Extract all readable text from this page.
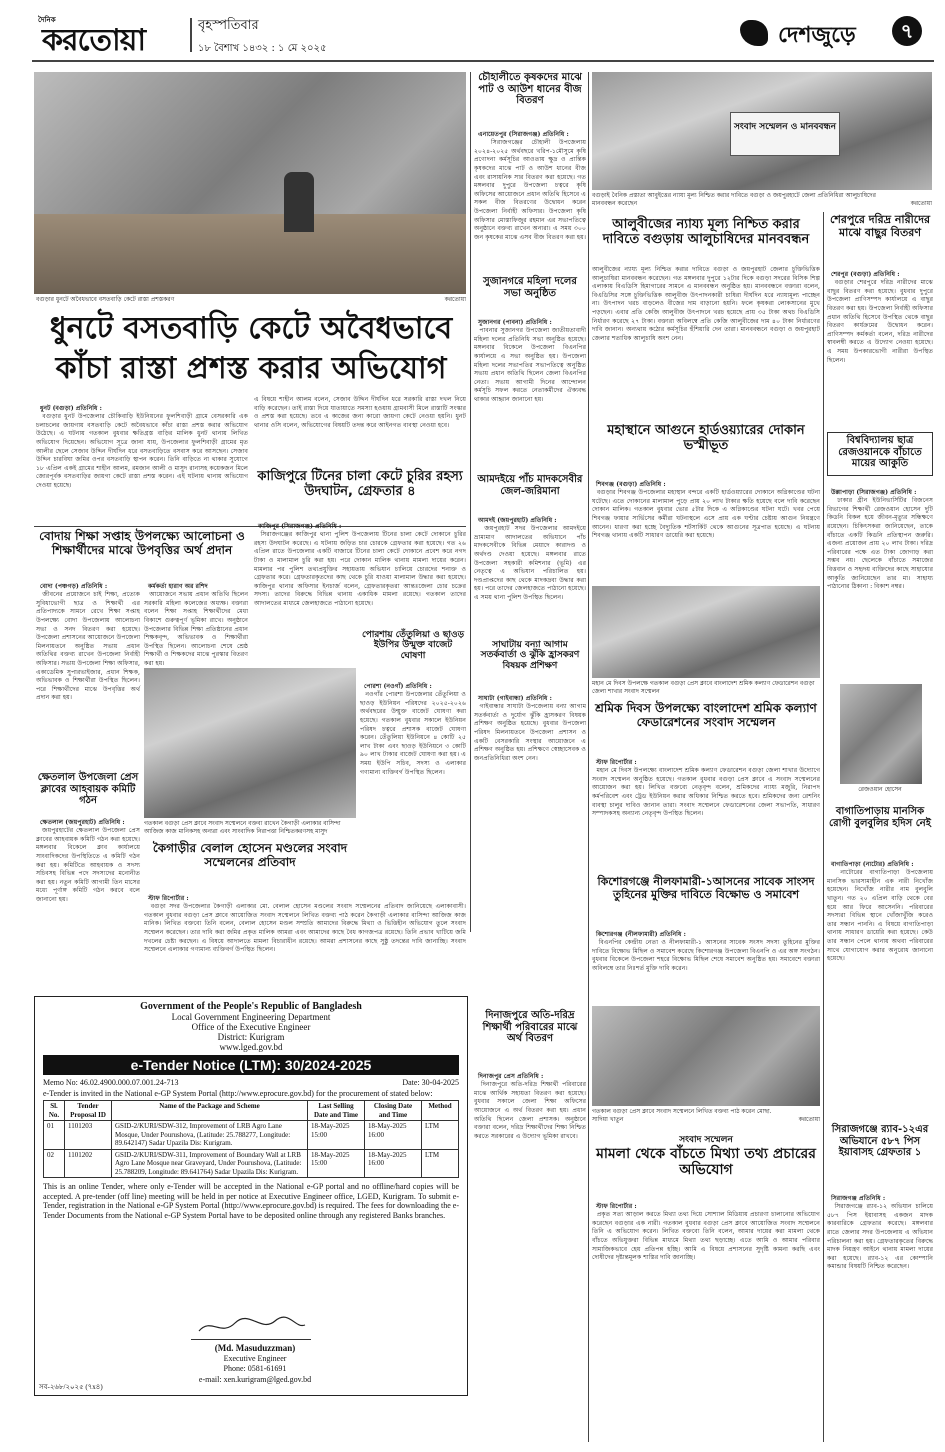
দৈনিক
করতোয়া	বৃহস্পতিবার
১৮ বৈশাখ ১৪৩২ : ১ মে ২০২৫
দেশজুড়ে	৭
বগুড়ার ধুনটে অবৈধভাবে বসতবাড়ি কেটে রাস্তা প্রশস্তকরণ	করতোয়া
ধুনটে বসতবাড়ি কেটে অবৈধভাবে
কাঁচা রাস্তা প্রশস্ত করার অভিযোগ

ধুনট (বগুড়া) প্রতিনিধি :
বগুড়ার ধুনট উপজেলার চৌকিবাড়ি ইউনিয়নের ফুলশিবাড়ী গ্রামে বেসরকারি এক চলাচলের জায়গায় বসতবাড়ি কেটে অবৈধভাবে কাঁচা রাস্তা প্রশস্ত করার অভিযোগ উঠেছে। এ ঘটনায় গতকাল বুধবার ক্ষতিগ্রস্ত বাড়ির মালিক ধুনট থানায় লিখিত অভিযোগ দিয়েছেন। অভিযোগ সূত্রে জানা যায়, উপজেলার ফুলশিবাড়ী গ্রামের মৃত আলীর ছেলে সেজাব উদ্দিন দীর্ঘদিন ধরে বসতবাড়িতে বসবাস করে আসছেন। সেজাব উদ্দিন চারবিঘা জমির ওপর বসতবাড়ি স্থাপন করেন। তিনি বাড়িতে না থাকার সুযোগে ১৮ এপ্রিল একই গ্রামের শাহীন আলম, রমজান আলী ও মাসুদ রানাসহ কয়েকজন মিলে জোরপূর্বক বসতবাড়ির জায়গা কেটে রাস্তা প্রশস্ত করেন। এই ঘটনায় থানায় অভিযোগ দেওয়া হয়েছে।

এ বিষয়ে শাহীন আলম বলেন, সেজাব উদ্দিন দীর্ঘদিন ধরে সরকারি রাস্তা দখল নিয়ে বাড়ি করেছেন। তাই রাস্তা দিয়ে যাতায়াতে সমস্যা হওয়ায় গ্রামবাসী মিলে রাস্তাটি সংস্কার ও প্রশস্ত করা হয়েছে। তবে এ কাজের জন্য কারো জায়গা কেটে নেওয়া হয়নি। ধুনট থানার ওসি বলেন, অভিযোগের বিষয়টি তদন্ত করে আইনগত ব্যবস্থা নেওয়া হবে।
কাজিপুরে টিনের চালা কেটে চুরির রহস্য উদঘাটন, গ্রেফতার ৪

কাজিপুর (সিরাজগঞ্জ) প্রতিনিধি :
সিরাজগঞ্জের কাজিপুর থানা পুলিশ উপজেলায় টিনের চালা কেটে দোকানে চুরির রহস্য উদঘাটন করেছে। এ ঘটনায় জড়িত চার চোরকে গ্রেফতার করা হয়েছে। গত ২৬ এপ্রিল রাতে উপজেলার একটি বাজারে টিনের চালা কেটে দোকানে প্রবেশ করে নগদ টাকা ও মালামাল চুরি করা হয়। পরে দোকান মালিক থানায় মামলা দায়ের করেন। মামলার পর পুলিশ তথ্যপ্রযুক্তির সহায়তায় অভিযান চালিয়ে চোরদের শনাক্ত ও গ্রেফতার করে। গ্রেফতারকৃতদের কাছ থেকে চুরি যাওয়া মালামাল উদ্ধার করা হয়েছে। কাজিপুর থানার অফিসার ইনচার্জ বলেন, গ্রেফতারকৃতরা আন্তঃজেলা চোর চক্রের সদস্য। তাদের বিরুদ্ধে বিভিন্ন থানায় একাধিক মামলা রয়েছে। গতকাল তাদের আদালতের মাধ্যমে জেলহাজতে পাঠানো হয়েছে।

বোদায় শিক্ষা সপ্তাহ উপলক্ষ্যে আলোচনা ও শিক্ষার্থীদের মাঝে উপবৃত্তির অর্থ প্রদান

বোদা (পঞ্চগড়) প্রতিনিধি :
জীবনের প্রয়োজনে চাই শিক্ষা, প্রত্যেক সুবিধাভোগী ছাত্র ও শিক্ষার্থী এর প্রতিপাদ্যকে সামনে রেখে শিক্ষা সপ্তাহ উপলক্ষ্যে বোদা উপজেলায় আলোচনা সভা ও সনদ বিতরণ করা হয়েছে। উপজেলা প্রশাসনের আয়োজনে উপজেলা মিলনায়তনে অনুষ্ঠিত সভায় প্রধান অতিথির বক্তব্য রাখেন উপজেলা নির্বাহী অফিসার। সভায় উপজেলা শিক্ষা অফিসার, একাডেমিক সুপারভাইজার, প্রধান শিক্ষক, অভিভাবক ও শিক্ষার্থীরা উপস্থিত ছিলেন। পরে শিক্ষার্থীদের মাঝে উপবৃত্তির অর্থ প্রদান করা হয়।

কর্মকর্তা হারাণ অর রশিদ
আয়োজনে সভায় প্রধান অতিথি ছিলেন সরকারি মহিলা কলেজের অধ্যক্ষ। বক্তারা বলেন শিক্ষা সপ্তাহ শিক্ষার্থীদের মেধা বিকাশে গুরুত্বপূর্ণ ভূমিকা রাখে। অনুষ্ঠানে উপজেলার বিভিন্ন শিক্ষা প্রতিষ্ঠানের প্রধান শিক্ষকবৃন্দ, অভিভাবক ও শিক্ষার্থীরা উপস্থিত ছিলেন। আলোচনা শেষে শ্রেষ্ঠ শিক্ষার্থী ও শিক্ষকদের মাঝে পুরস্কার বিতরণ করা হয়।

গতকাল বগুড়া প্রেস ক্লাবে সংবাদ সম্মেলনে বক্তব্য রাখেন কৈগাড়ী এলাকার বাসিন্দা আজিজ কাজ মানিকসহ অন্যরা এবং সাংবাদিক নিরাপত্তা নিশ্চিতকরণসহ মাসুদ
ক্ষেতলাল উপজেলা প্রেস ক্লাবের আহবায়ক কমিটি গঠন

ক্ষেতলাল (জয়পুরহাট) প্রতিনিধি :
জয়পুরহাটের ক্ষেতলাল উপজেলা প্রেস ক্লাবের আহবায়ক কমিটি গঠন করা হয়েছে। মঙ্গলবার বিকেলে ক্লাব কার্যালয়ে সাংবাদিকদের উপস্থিতিতে এ কমিটি গঠন করা হয়। কমিটিতে আহবায়ক ও সদস্য সচিবসহ বিভিন্ন পদে সদস্যদের মনোনীত করা হয়। নতুন কমিটি আগামী তিন মাসের মধ্যে পূর্ণাঙ্গ কমিটি গঠন করবে বলে জানানো হয়।

কৈগাড়ীর বেলাল হোসেন মণ্ডলের সংবাদ সম্মেলনের প্রতিবাদ

স্টাফ রিপোর্টার :
বগুড়া সদর উপজেলার কৈগাড়ী এলাকার মো. বেলাল হোসেন মণ্ডলের সংবাদ সম্মেলনের প্রতিবাদ জানিয়েছে এলাকাবাসী। গতকাল বুধবার বগুড়া প্রেস ক্লাবে আয়োজিত সংবাদ সম্মেলনে লিখিত বক্তব্য পাঠ করেন কৈগাড়ী এলাকার বাসিন্দা আজিজ কাজ মানিক। লিখিত বক্তব্যে তিনি বলেন, বেলাল হোসেন মণ্ডল সম্প্রতি আমাদের বিরুদ্ধে মিথ্যা ও ভিত্তিহীন অভিযোগ তুলে সংবাদ সম্মেলন করেছেন। তার দাবি করা জমির প্রকৃত মালিক আমরা এবং আমাদের কাছে বৈধ কাগজপত্র রয়েছে। তিনি প্রভাব খাটিয়ে জমি দখলের চেষ্টা করছেন। এ বিষয়ে আদালতে মামলা বিচারাধীন রয়েছে। আমরা প্রশাসনের কাছে সুষ্ঠু তদন্তের দাবি জানাচ্ছি। সংবাদ সম্মেলনে এলাকার গণ্যমান্য ব্যক্তিবর্গ উপস্থিত ছিলেন।

চৌহালীতে কৃষকদের মাঝে পাট ও আউশ ধানের বীজ বিতরণ

এনায়েতপুর (সিরাজগঞ্জ) প্রতিনিধি :
সিরাজগঞ্জের চৌহালী উপজেলায় ২০২৪-২০২৫ অর্থবছরে খরিপ-১মৌসুমে কৃষি প্রণোদনা কর্মসূচির আওতায় ক্ষুদ্র ও প্রান্তিক কৃষকদের মাঝে পাট ও আউশ ধানের বীজ এবং রাসায়নিক সার বিতরণ করা হয়েছে। গত মঙ্গলবার দুপুরে উপজেলা চত্বরে কৃষি অফিসের আয়োজনে প্রধান অতিথি হিসেবে এ সকল বীজ বিতরণের উদ্বোধন করেন উপজেলা নির্বাহী অফিসার। উপজেলা কৃষি অফিসার মোস্তাফিজুর রহমান এর সভাপতিত্বে অনুষ্ঠানে বক্তব্য রাখেন অন্যরা। এ সময় ৩০০ জন কৃষকের মাঝে এসব বীজ বিতরণ করা হয়।

সুজানগরে মহিলা দলের সভা অনুষ্ঠিত

সুজানগর (পাবনা) প্রতিনিধি :
পাবনার সুজানগর উপজেলা জাতীয়তাবাদী মহিলা দলের প্রতিনিধি সভা অনুষ্ঠিত হয়েছে। মঙ্গলবার বিকেলে উপজেলা বিএনপির কার্যালয়ে এ সভা অনুষ্ঠিত হয়। উপজেলা মহিলা দলের সভাপতির সভাপতিত্বে অনুষ্ঠিত সভায় প্রধান অতিথি ছিলেন জেলা বিএনপির নেতা। সভায় আগামী দিনের আন্দোলন কর্মসূচি সফল করতে নেতাকর্মীদের ঐক্যবদ্ধ থাকার আহ্বান জানানো হয়।

আমদইয়ে পাঁচ মাদকসেবীর জেল-জরিমানা

আমদই (জয়পুরহাট) প্রতিনিধি :
জয়পুরহাট সদর উপজেলার আমদইয়ে ভ্রাম্যমাণ আদালতের অভিযানে পাঁচ মাদকসেবীকে বিভিন্ন মেয়াদে কারাদণ্ড ও অর্থদণ্ড দেওয়া হয়েছে। মঙ্গলবার রাতে উপজেলা সহকারী কমিশনার (ভূমি) এর নেতৃত্বে এ অভিযান পরিচালিত হয়। দণ্ডপ্রাপ্তদের কাছ থেকে মাদকদ্রব্য উদ্ধার করা হয়। পরে তাদের জেলহাজতে পাঠানো হয়েছে। এ সময় থানা পুলিশ উপস্থিত ছিলেন।

পোরশায় তেঁতুলিয়া ও ছাওড় ইউপির উন্মুক্ত বাজেট ঘোষণা

পোরশা (নওগাঁ) প্রতিনিধি :
নওগাঁর পোরশা উপজেলার তেঁতুলিয়া ও ছাওড় ইউনিয়ন পরিষদের ২০২৫-২০২৬ অর্থবছরের উন্মুক্ত বাজেট ঘোষণা করা হয়েছে। গতকাল বুধবার সকালে ইউনিয়ন পরিষদ চত্বরে প্রশাসক বাজেট ঘোষণা করেন। তেঁতুলিয়া ইউনিয়নে ৪ কোটি ২৫ লাখ টাকা এবং ছাওড় ইউনিয়নে ৩ কোটি ৯০ লাখ টাকার বাজেট ঘোষণা করা হয়। এ সময় ইউপি সচিব, সদস্য ও এলাকার গণ্যমান্য ব্যক্তিবর্গ উপস্থিত ছিলেন।

সাঘাটায় বন্যা আগাম সতর্কবার্তা ও ঝুঁকি হ্রাসকরণ বিষয়ক প্রশিক্ষণ

সাঘাটা (গাইবান্ধা) প্রতিনিধি :
গাইবান্ধার সাঘাটা উপজেলায় বন্যা আগাম সতর্কবার্তা ও দুর্যোগ ঝুঁকি হ্রাসকরণ বিষয়ক প্রশিক্ষণ অনুষ্ঠিত হয়েছে। বুধবার উপজেলা পরিষদ মিলনায়তনে উপজেলা প্রশাসন ও একটি বেসরকারি সংস্থার আয়োজনে এ প্রশিক্ষণ অনুষ্ঠিত হয়। প্রশিক্ষণে স্বেচ্ছাসেবক ও জনপ্রতিনিধিরা অংশ নেন।

দিনাজপুরে অতি-দরিদ্র শিক্ষার্থী পরিবারের মাঝে অর্থ বিতরণ

দিনাজপুর প্রেস প্রতিনিধি :
দিনাজপুরে অতি-দরিদ্র শিক্ষার্থী পরিবারের মাঝে আর্থিক সহায়তা বিতরণ করা হয়েছে। বুধবার সকালে জেলা শিক্ষা অফিসের আয়োজনে এ অর্থ বিতরণ করা হয়। প্রধান অতিথি ছিলেন জেলা প্রশাসক। অনুষ্ঠানে বক্তারা বলেন, দরিদ্র শিক্ষার্থীদের শিক্ষা নিশ্চিত করতে সরকারের এ উদ্যোগ ভূমিকা রাখবে।

Government of the People's Republic of Bangladesh
Local Government Engineering Department
Office of the Executive Engineer
District: Kurigram
www.lged.gov.bd
e-Tender Notice (LTM): 30/2024-2025
Memo No: 46.02.4900.000.07.001.24-713	Date: 30-04-2025
e-Tender is invited in the National e-GP System Portal (http://www.eprocure.gov.bd) for the procurement of stated below:
Sl. No.	Tender Proposal ID	Name of the Package and Scheme	Last Selling Date and Time	Closing Date and Time	Method
01	1101203	GSID-2/KURI/SDW-312, Improvement of LRB Agro Lane Mosque, Under Pourushova, (Latitude: 25.788277, Longitude: 89.642147) Sadar Upazila Dis: Kurigram.	18-May-2025 15:00	18-May-2025 16:00	LTM
02	1101202	GSID-2/KURI/SDW-311, Improvement of Boundary Wall at LRB Agro Lane Mosque near Graveyard, Under Pourushova, (Latitude: 25.788209, Longitude: 89.641764) Sadar Upazila Dis: Kurigram.	18-May-2025 15:00	18-May-2025 16:00	LTM
This is an online Tender, where only e-Tender will be accepted in the National e-GP portal and no offline/hard copies will be accepted. A pre-tender (off line) meeting will be held in per notice at Executive Engineer office, LGED, Kurigram. To submit e-Tender, registration in the National e-GP System Portal (http://www.eprocure.gov.bd) is required. The fees for downloading the e-Tender Documents from the National e-GP System Portal have to be deposited online through any registered Banks branches.
(Md. Masuduzzman)
Executive Engineer
Phone: 0581-61691
e-mail: xen.kurigram@lged.gov.bd
সব-২৬৮/২০২৫ (৭x৪)
সংবাদ সম্মেলন ও মানববন্ধন
বগুড়াই বৈনিক প্রস্তাতা আবুইত্তের ন্যায্য মূল্য নিশ্চিত করার দাবিতে বগুড়া ও জয়পুরহাটে জেলা প্রতিনিধিরা আলুচাষিদের মানববন্ধন করেছেন	করতোয়া
আলুবীজের ন্যায্য মূল্য নিশ্চিত করার দাবিতে বগুড়ায় আলুচাষিদের মানববন্ধন
আলুবীজের ন্যায্য মূল্য নিশ্চিত করার দাবিতে বগুড়া ও জয়পুরহাট জেলার চুক্তিভিত্তিক আলুচাষিরা মানববন্ধন করেছেন। গত মঙ্গলবার দুপুরে ১২টার দিকে বগুড়া সদরের বিসিক শিল্প এলাকায় বিএডিসি হিমাগারের সামনে এ মানববন্ধন অনুষ্ঠিত হয়। মানববন্ধনে বক্তারা বলেন, বিএডিসির সঙ্গে চুক্তিভিত্তিক আলুবীজ উৎপাদনকারী চাষিরা দীর্ঘদিন ধরে ন্যায্যমূল্য পাচ্ছেন না। উৎপাদন খরচ বাড়লেও বীজের দাম বাড়ানো হয়নি। ফলে কৃষকরা লোকসানের মুখে পড়ছেন। এবার প্রতি কেজি আলুবীজ উৎপাদনে খরচ হয়েছে প্রায় ৩৫ টাকা অথচ বিএডিসি নির্ধারণ করেছে ২৭ টাকা। বক্তারা অবিলম্বে প্রতি কেজি আলুবীজের দাম ৪০ টাকা নির্ধারণের দাবি জানান। অন্যথায় কঠোর কর্মসূচির হুঁশিয়ারি দেন তারা। মানববন্ধনে বগুড়া ও জয়পুরহাট জেলার শতাধিক আলুচাষি অংশ নেন।
শেরপুরে দরিদ্র নারীদের মাঝে বাছুর বিতরণ

শেরপুর (বগুড়া) প্রতিনিধি :
বগুড়ার শেরপুরে দরিদ্র নারীদের মাঝে বাছুর বিতরণ করা হয়েছে। বুধবার দুপুরে উপজেলা প্রাণিসম্পদ কার্যালয়ে এ বাছুর বিতরণ করা হয়। উপজেলা নির্বাহী অফিসার প্রধান অতিথি হিসেবে উপস্থিত থেকে বাছুর বিতরণ কার্যক্রমের উদ্বোধন করেন। প্রাণিসম্পদ কর্মকর্তা বলেন, দরিদ্র নারীদের স্বাবলম্বী করতে এ উদ্যোগ নেওয়া হয়েছে। এ সময় উপকারভোগী নারীরা উপস্থিত ছিলেন।

বিশ্ববিদ্যালয় ছাত্র রেজওয়ানকে বাঁচাতে মায়ের আকুতি

উল্লাপাড়া (সিরাজগঞ্জ) প্রতিনিধি :
ঢাকার গ্রীন ইউনিভার্সিটির বিজনেস বিভাগের শিক্ষার্থী রেজওয়ান হোসেন দুটি কিডনি বিকল হয়ে জীবন-মৃত্যুর সন্ধিক্ষণে রয়েছেন। চিকিৎসকরা জানিয়েছেন, তাকে বাঁচাতে একটি কিডনি প্রতিস্থাপন জরুরি। এজন্য প্রয়োজন প্রায় ২০ লাখ টাকা। দরিদ্র পরিবারের পক্ষে এত টাকা জোগাড় করা সম্ভব নয়। ছেলেকে বাঁচাতে সমাজের বিত্তবান ও সহৃদয় ব্যক্তিদের কাছে সাহায্যের আকুতি জানিয়েছেন তার মা। সাহায্য পাঠানোর ঠিকানা : বিকাশ নম্বর।

রেজওয়ান হোসেন
বাগাতিপাড়ায় মানসিক রোগী বুলবুলির হদিস নেই

বাগাতিপাড়া (নাটোর) প্রতিনিধি :
নাটোরের বাগাতিপাড়া উপজেলায় মানসিক ভারসাম্যহীন এক নারী নিখোঁজ হয়েছেন। নিখোঁজ নারীর নাম বুলবুলি খাতুন। গত ২০ এপ্রিল বাড়ি থেকে বের হয়ে আর ফিরে আসেননি। পরিবারের সদস্যরা বিভিন্ন স্থানে খোঁজাখুঁজি করেও তার সন্ধান পাননি। এ বিষয়ে বাগাতিপাড়া থানায় সাধারণ ডায়েরি করা হয়েছে। কেউ তার সন্ধান পেলে থানায় অথবা পরিবারের সাথে যোগাযোগ করার অনুরোধ জানানো হয়েছে।

সিরাজগঞ্জে র‍্যাব-১২এর অভিযানে ৫৮৭ পিস ইয়াবাসহ গ্রেফতার ১

সিরাজগঞ্জ প্রতিনিধি :
সিরাজগঞ্জে র‍্যাব-১২ অভিযান চালিয়ে ৫৮৭ পিস ইয়াবাসহ একজন মাদক কারবারিকে গ্রেফতার করেছে। মঙ্গলবার রাতে জেলার সদর উপজেলায় এ অভিযান পরিচালনা করা হয়। গ্রেফতারকৃতের বিরুদ্ধে মাদক নিয়ন্ত্রণ আইনে থানায় মামলা দায়ের করা হয়েছে। র‍্যাব-১২ এর কোম্পানি কমান্ডার বিষয়টি নিশ্চিত করেছেন।

মহাস্থানে আগুনে হার্ডওয়্যারের দোকান ভস্মীভূত

শিবগঞ্জ (বগুড়া) প্রতিনিধি :
বগুড়ার শিবগঞ্জ উপজেলার মহাস্থান বন্দরে একটি হার্ডওয়্যারের দোকানে অগ্নিকাণ্ডের ঘটনা ঘটেছে। এতে দোকানের মালামাল পুড়ে প্রায় ২০ লাখ টাকার ক্ষতি হয়েছে বলে দাবি করেছেন দোকান মালিক। গতকাল বুধবার ভোর ৫টার দিকে এ অগ্নিকাণ্ডের ঘটনা ঘটে। খবর পেয়ে শিবগঞ্জ ফায়ার সার্ভিসের কর্মীরা ঘটনাস্থলে এসে প্রায় এক ঘণ্টার চেষ্টায় আগুন নিয়ন্ত্রণে আনেন। ধারণা করা হচ্ছে বৈদ্যুতিক শর্টসার্কিট থেকে আগুনের সূত্রপাত হয়েছে। এ ঘটনায় শিবগঞ্জ থানায় একটি সাধারণ ডায়েরি করা হয়েছে।

মহান মে দিবস উপলক্ষে গতকাল বগুড়া প্রেস ক্লাবে বাংলাদেশ শ্রমিক কল্যাণ ফেডারেশন বগুড়া জেলা শাখার সংবাদ সম্মেলন
শ্রমিক দিবস উপলক্ষ্যে বাংলাদেশ শ্রমিক কল্যাণ ফেডারেশনের সংবাদ সম্মেলন

স্টাফ রিপোর্টার :
মহান মে দিবস উপলক্ষ্যে বাংলাদেশ শ্রমিক কল্যাণ ফেডারেশন বগুড়া জেলা শাখার উদ্যোগে সংবাদ সম্মেলন অনুষ্ঠিত হয়েছে। গতকাল বুধবার বগুড়া প্রেস ক্লাবে এ সংবাদ সম্মেলনের আয়োজন করা হয়। লিখিত বক্তব্যে নেতৃবৃন্দ বলেন, শ্রমিকদের ন্যায্য মজুরি, নিরাপদ কর্মপরিবেশ এবং ট্রেড ইউনিয়ন করার অধিকার নিশ্চিত করতে হবে। শ্রমিকদের জন্য রেশনিং ব্যবস্থা চালুর দাবিও জানান তারা। সংবাদ সম্মেলনে ফেডারেশনের জেলা সভাপতি, সাধারণ সম্পাদকসহ অন্যান্য নেতৃবৃন্দ উপস্থিত ছিলেন।

কিশোরগঞ্জে নীলফামারী-১আসনের সাবেক সাংসদ তুহিনের মুক্তির দাবিতে বিক্ষোভ ও সমাবেশ

কিশোরগঞ্জ (নীলফামারী) প্রতিনিধি :
বিএনপির কেন্দ্রীয় নেতা ও নীলফামারী-১ আসনের সাবেক সংসদ সদস্য তুহিনের মুক্তির দাবিতে বিক্ষোভ মিছিল ও সমাবেশ করেছে কিশোরগঞ্জ উপজেলা বিএনপি ও এর অঙ্গ সংগঠন। বুধবার বিকেলে উপজেলা শহরে বিক্ষোভ মিছিল শেষে সমাবেশ অনুষ্ঠিত হয়। সমাবেশে বক্তারা অবিলম্বে তার নিঃশর্ত মুক্তি দাবি করেন।

গতকাল বগুড়া প্রেস ক্লাবে সংবাদ সম্মেলনে লিখিত বক্তব্য পাঠ করেন মোছা. সাদিয়া খাতুন	করতোয়া
সংবাদ সম্মেলন
মামলা থেকে বাঁচতে মিথ্যা তথ্য প্রচারের অভিযোগ

স্টাফ রিপোর্টার :
প্রকৃত সত্য আড়াল করতে মিথ্যা তথ্য দিয়ে সোশ্যাল মিডিয়ায় প্রচারণা চালানোর অভিযোগ করেছেন বগুড়ার এক নারী। গতকাল বুধবার বগুড়া প্রেস ক্লাবে আয়োজিত সংবাদ সম্মেলনে তিনি এ অভিযোগ করেন। লিখিত বক্তব্যে তিনি বলেন, আমার দায়ের করা মামলা থেকে বাঁচতে অভিযুক্তরা বিভিন্ন মাধ্যমে মিথ্যা তথ্য ছড়াচ্ছে। এতে আমি ও আমার পরিবার সামাজিকভাবে হেয় প্রতিপন্ন হচ্ছি। আমি এ বিষয়ে প্রশাসনের সুদৃষ্টি কামনা করছি এবং দোষীদের দৃষ্টান্তমূলক শাস্তির দাবি জানাচ্ছি।
